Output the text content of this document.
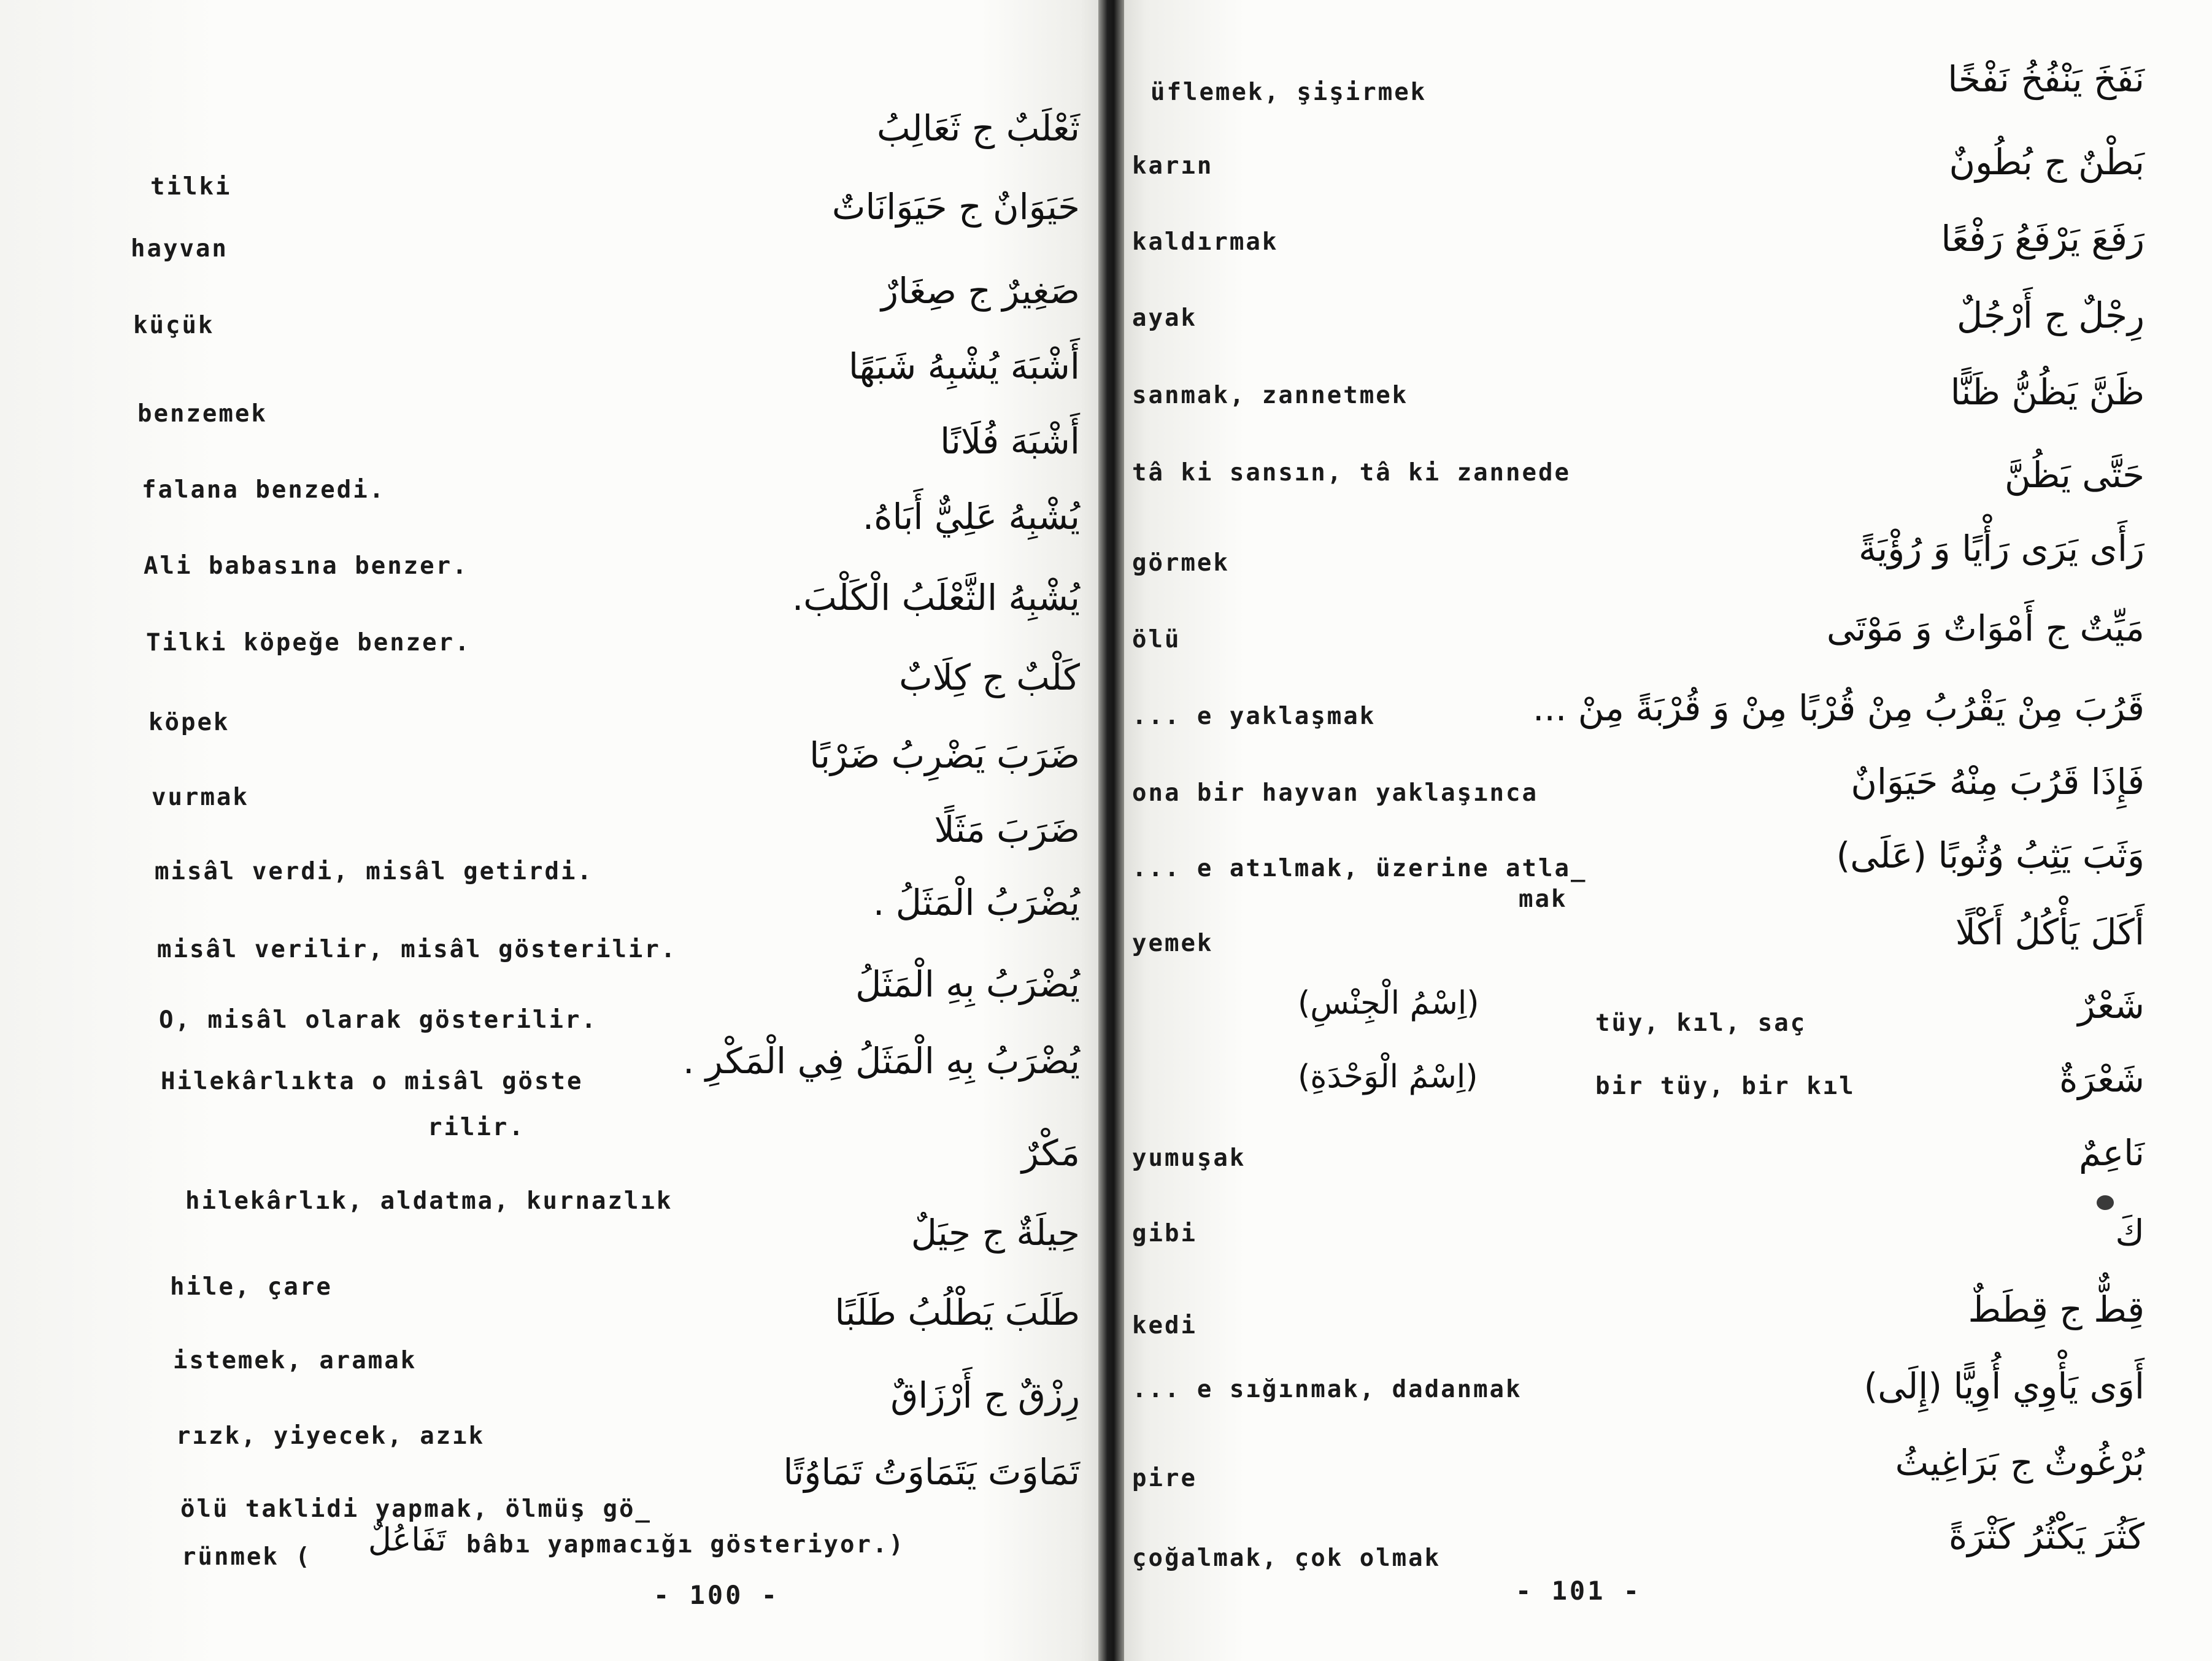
ثَعْلَبٌ ج ثَعَالِبُ
حَيَوَانٌ ج حَيَوَانَاتٌ
صَغِيرٌ ج صِغَارٌ
أَشْبَهَ يُشْبِهُ شَبَهًا
أَشْبَهَ فُلَانًا
يُشْبِهُ عَلِيٌّ أَبَاهُ.
يُشْبِهُ الثَّعْلَبُ الْكَلْبَ.
كَلْبٌ ج كِلَابٌ
ضَرَبَ يَضْرِبُ ضَرْبًا
ضَرَبَ مَثَلًا
يُضْرَبُ الْمَثَلُ .
يُضْرَبُ بِهِ الْمَثَلُ
يُضْرَبُ بِهِ الْمَثَلُ فِي الْمَكْرِ .
مَكْرٌ
حِيلَةٌ ج حِيَلٌ
طَلَبَ يَطْلُبُ طَلَبًا
رِزْقٌ ج أَرْزَاقٌ
تَمَاوَتَ يَتَمَاوَتُ تَمَاوُتًا
tilki
hayvan
küçük
benzemek
falana benzedi.
Ali babasına benzer.
Tilki köpeğe benzer.
köpek
vurmak
misâl verdi, misâl getirdi.
misâl verilir, misâl gösterilir.
O, misâl olarak gösterilir.
Hilekârlıkta o misâl göste
rilir.
hilekârlık, aldatma, kurnazlık
hile, çare
istemek, aramak
rızk, yiyecek, azık
ölü taklidi yapmak, ölmüş gö_
rünmek ( تَفَاعُلٌ bâbı yapmacığı gösteriyor.)
- 100 -
نَفَخَ يَنْفُخُ نَفْخًا
بَطْنٌ ج بُطُونٌ
رَفَعَ يَرْفَعُ رَفْعًا
رِجْلٌ ج أَرْجُلٌ
ظَنَّ يَظُنُّ ظَنًّا
حَتَّى يَظُنَّ
رَأَى يَرَى رَأْيًا وَ رُؤْيَةً
مَيِّتٌ ج أَمْوَاتٌ وَ مَوْتَى
قَرُبَ مِنْ يَقْرُبُ مِنْ قُرْبًا مِنْ وَ قُرْبَةً مِنْ ...
فَإِذَا قَرُبَ مِنْهُ حَيَوَانٌ
وَثَبَ يَثِبُ وُثُوبًا (عَلَى)
أَكَلَ يَأْكُلُ أَكْلًا
شَعْرٌ
(اِسْمُ الْجِنْسِ)
شَعْرَةٌ
(اِسْمُ الْوَحْدَةِ)
نَاعِمٌ
كَ
قِطٌّ ج قِطَطٌ
أَوَى يَأْوِي أُوِيًّا (إِلَى)
بُرْغُوثٌ ج بَرَاغِيثُ
كَثُرَ يَكْثُرُ كَثْرَةً
üflemek, şişirmek
karın
kaldırmak
ayak
sanmak, zannetmek
tâ ki sansın, tâ ki zannede
görmek
ölü
... e yaklaşmak
ona bir hayvan yaklaşınca
... e atılmak, üzerine atla_
mak
yemek
tüy, kıl, saç
bir tüy, bir kıl
yumuşak
gibi
kedi
... e sığınmak, dadanmak
pire
çoğalmak, çok olmak
- 101 -
